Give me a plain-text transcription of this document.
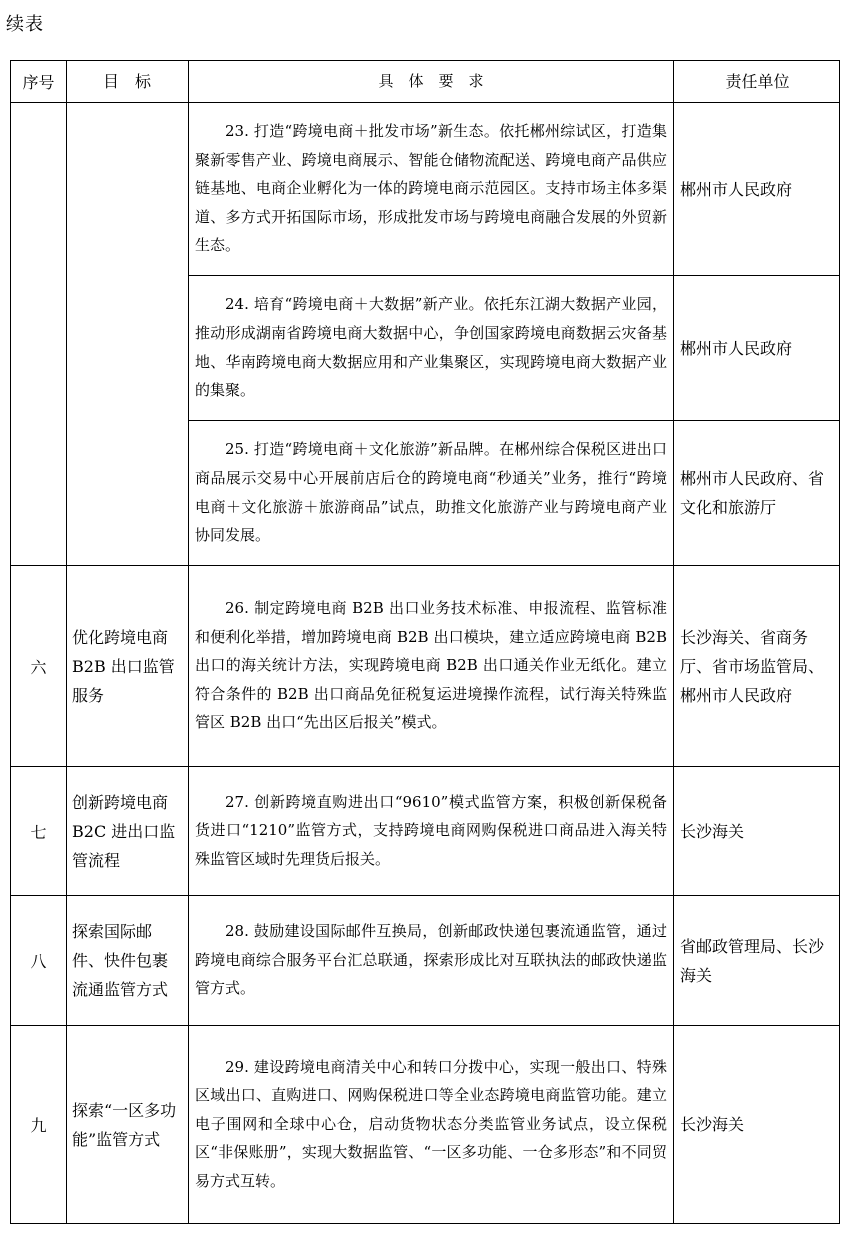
续表
序号	目　标	具　体　要　求	责任单位
		23. 打造“跨境电商＋批发市场”新生态。依托郴州综试区，打造集聚新零售产业、跨境电商展示、智能仓储物流配送、跨境电商产品供应链基地、电商企业孵化为一体的跨境电商示范园区。支持市场主体多渠道、多方式开拓国际市场，形成批发市场与跨境电商融合发展的外贸新生态。	郴州市人民政府
		24. 培育“跨境电商＋大数据”新产业。依托东江湖大数据产业园，推动形成湖南省跨境电商大数据中心，争创国家跨境电商数据云灾备基地、华南跨境电商大数据应用和产业集聚区，实现跨境电商大数据产业的集聚。	郴州市人民政府
		25. 打造“跨境电商＋文化旅游”新品牌。在郴州综合保税区进出口商品展示交易中心开展前店后仓的跨境电商“秒通关”业务，推行“跨境电商＋文化旅游＋旅游商品”试点，助推文化旅游产业与跨境电商产业协同发展。	郴州市人民政府、省文化和旅游厅
六	优化跨境电商 B2B 出口监管服务	26. 制定跨境电商 B2B 出口业务技术标准、申报流程、监管标准和便利化举措，增加跨境电商 B2B 出口模块，建立适应跨境电商 B2B 出口的海关统计方法，实现跨境电商 B2B 出口通关作业无纸化。建立符合条件的 B2B 出口商品免征税复运进境操作流程，试行海关特殊监管区 B2B 出口“先出区后报关”模式。	长沙海关、省商务厅、省市场监管局、郴州市人民政府
七	创新跨境电商 B2C 进出口监管流程	27. 创新跨境直购进出口“9610”模式监管方案，积极创新保税备货进口“1210”监管方式，支持跨境电商网购保税进口商品进入海关特殊监管区域时先理货后报关。	长沙海关
八	探索国际邮件、快件包裹流通监管方式	28. 鼓励建设国际邮件互换局，创新邮政快递包裹流通监管，通过跨境电商综合服务平台汇总联通，探索形成比对互联执法的邮政快递监管方式。	省邮政管理局、长沙海关
九	探索“一区多功能”监管方式	29. 建设跨境电商清关中心和转口分拨中心，实现一般出口、特殊区域出口、直购进口、网购保税进口等全业态跨境电商监管功能。建立电子围网和全球中心仓，启动货物状态分类监管业务试点，设立保税区“非保账册”，实现大数据监管、“一区多功能、一仓多形态”和不同贸易方式互转。	长沙海关
